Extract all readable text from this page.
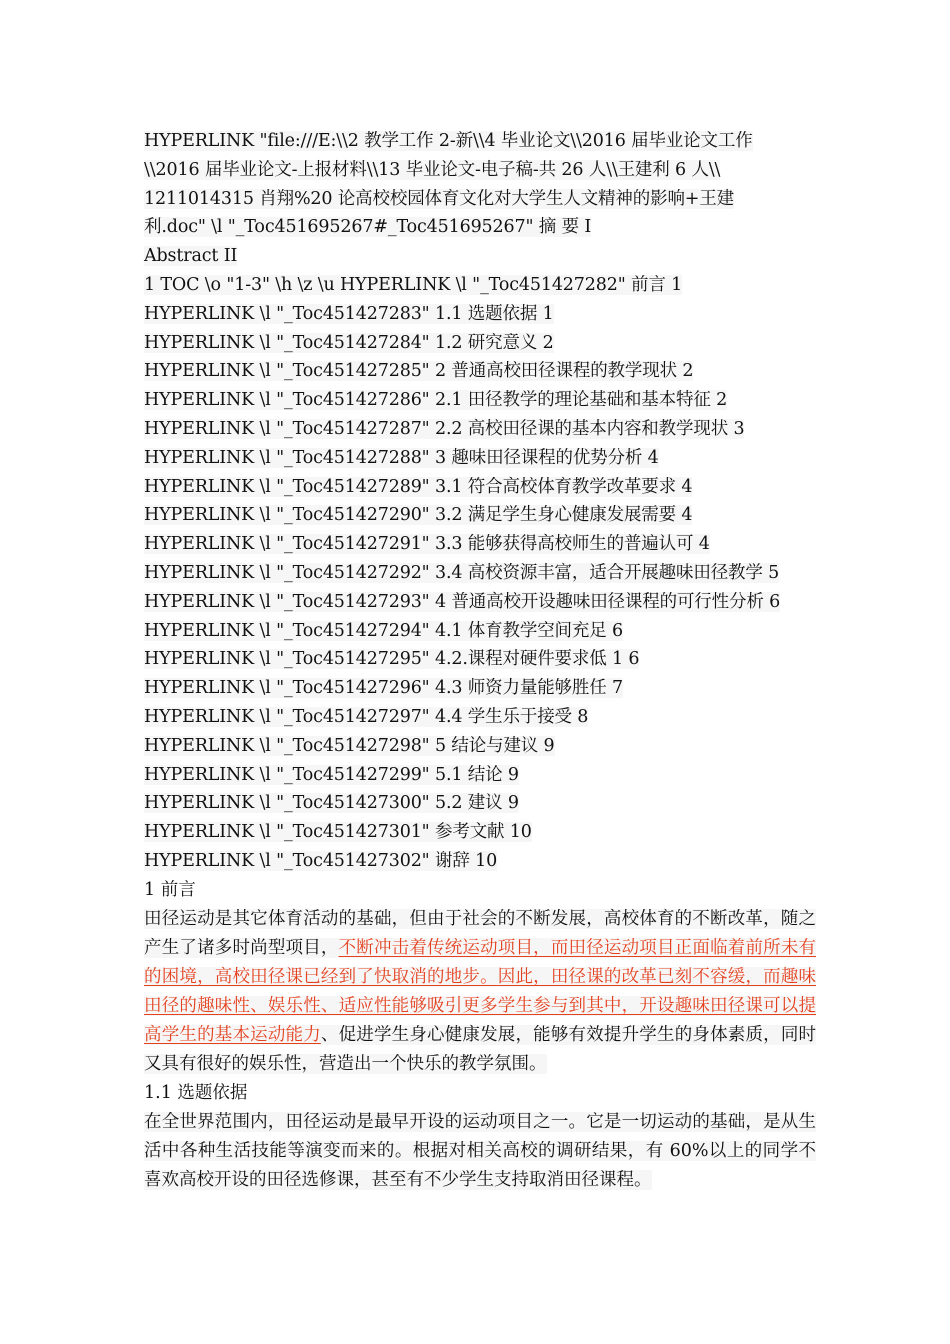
HYPERLINK "file:///E:\\2 教学工作 2-新\\4 毕业论文\\2016 届毕业论文工作
\\2016 届毕业论文-上报材料\\13 毕业论文-电子稿-共 26 人\\王建利 6 人\\
1211014315 肖翔%20 论高校校园体育文化对大学生人文精神的影响+王建
利.doc" \l "_Toc451695267#_Toc451695267" 摘 要 I
Abstract II
1 TOC \o "1-3" \h \z \u HYPERLINK \l "_Toc451427282" 前言 1
HYPERLINK \l "_Toc451427283" 1.1 选题依据 1
HYPERLINK \l "_Toc451427284" 1.2 研究意义 2
HYPERLINK \l "_Toc451427285" 2 普通高校田径课程的教学现状 2
HYPERLINK \l "_Toc451427286" 2.1 田径教学的理论基础和基本特征 2
HYPERLINK \l "_Toc451427287" 2.2 高校田径课的基本内容和教学现状 3
HYPERLINK \l "_Toc451427288" 3 趣味田径课程的优势分析 4
HYPERLINK \l "_Toc451427289" 3.1 符合高校体育教学改革要求 4
HYPERLINK \l "_Toc451427290" 3.2 满足学生身心健康发展需要 4
HYPERLINK \l "_Toc451427291" 3.3 能够获得高校师生的普遍认可 4
HYPERLINK \l "_Toc451427292" 3.4 高校资源丰富，适合开展趣味田径教学 5
HYPERLINK \l "_Toc451427293" 4 普通高校开设趣味田径课程的可行性分析 6
HYPERLINK \l "_Toc451427294" 4.1 体育教学空间充足 6
HYPERLINK \l "_Toc451427295" 4.2.课程对硬件要求低 1 6
HYPERLINK \l "_Toc451427296" 4.3 师资力量能够胜任 7
HYPERLINK \l "_Toc451427297" 4.4 学生乐于接受 8
HYPERLINK \l "_Toc451427298" 5 结论与建议 9
HYPERLINK \l "_Toc451427299" 5.1 结论 9
HYPERLINK \l "_Toc451427300" 5.2 建议 9
HYPERLINK \l "_Toc451427301" 参考文献 10
HYPERLINK \l "_Toc451427302" 谢辞 10
1 前言
田径运动是其它体育活动的基础，但由于社会的不断发展，高校体育的不断改革，随之产生了诸多时尚型项目，不断冲击着传统运动项目，而田径运动项目正面临着前所未有的困境，高校田径课已经到了快取消的地步。因此，田径课的改革已刻不容缓，而趣味田径的趣味性、娱乐性、适应性能够吸引更多学生参与到其中，开设趣味田径课可以提高学生的基本运动能力、促进学生身心健康发展，能够有效提升学生的身体素质，同时又具有很好的娱乐性，营造出一个快乐的教学氛围。
1.1 选题依据
在全世界范围内，田径运动是最早开设的运动项目之一。它是一切运动的基础，是从生活中各种生活技能等演变而来的。根据对相关高校的调研结果，有 60%以上的同学不喜欢高校开设的田径选修课，甚至有不少学生支持取消田径课程。
